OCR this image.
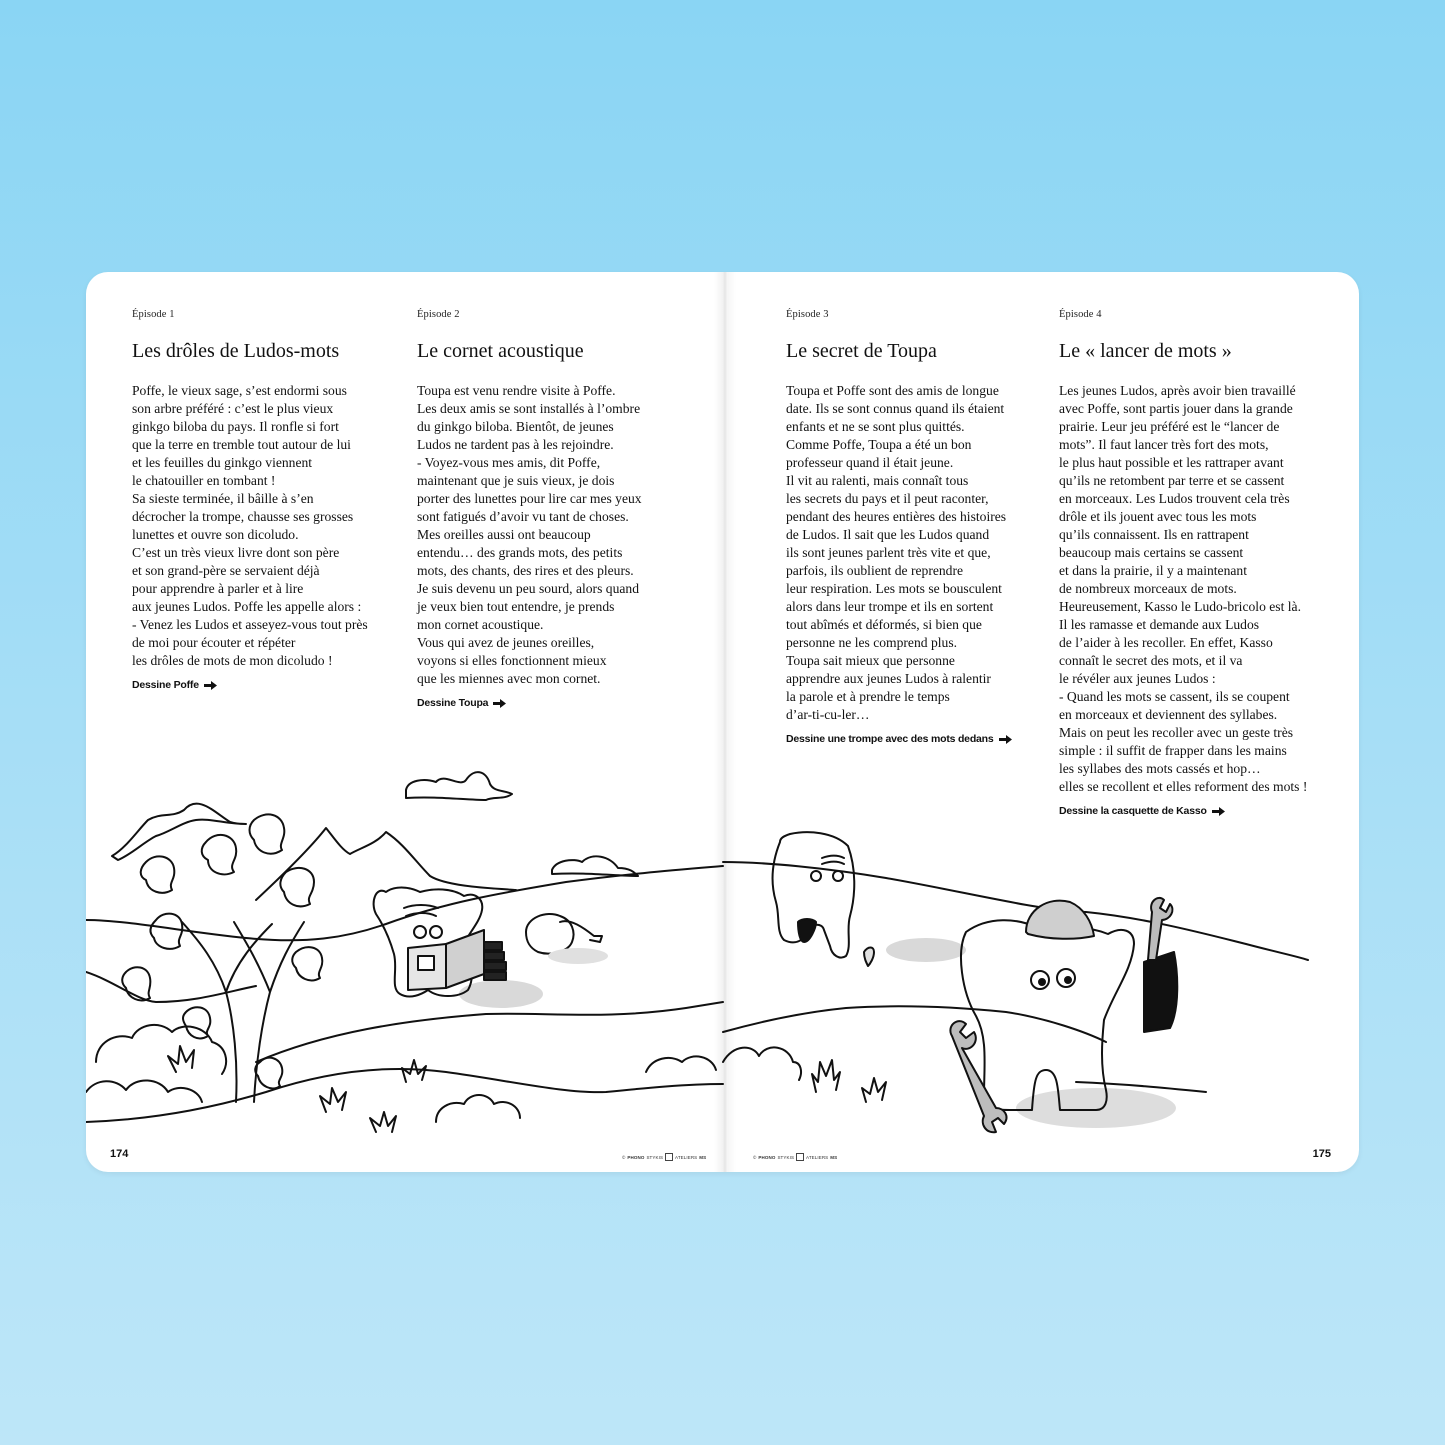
Épisode 1

Les drôles de Ludos-mots
Poffe, le vieux sage, s’est endormi sous
son arbre préféré : c’est le plus vieux
ginkgo biloba du pays. Il ronfle si fort
que la terre en tremble tout autour de lui
et les feuilles du ginkgo viennent
le chatouiller en tombant !
Sa sieste terminée, il bâille à s’en
décrocher la trompe, chausse ses grosses
lunettes et ouvre son dicoludo.
C’est un très vieux livre dont son père
et son grand-père se servaient déjà
pour apprendre à parler et à lire
aux jeunes Ludos. Poffe les appelle alors :
- Venez les Ludos et asseyez-vous tout près
de moi pour écouter et répéter
les drôles de mots de mon dicoludo !
Dessine Poffe

Épisode 2

Le cornet acoustique
Toupa est venu rendre visite à Poffe.
Les deux amis se sont installés à l’ombre
du ginkgo biloba. Bientôt, de jeunes
Ludos ne tardent pas à les rejoindre.
- Voyez-vous mes amis, dit Poffe,
maintenant que je suis vieux, je dois
porter des lunettes pour lire car mes yeux
sont fatigués d’avoir vu tant de choses.
Mes oreilles aussi ont beaucoup
entendu… des grands mots, des petits
mots, des chants, des rires et des pleurs.
Je suis devenu un peu sourd, alors quand
je veux bien tout entendre, je prends
mon cornet acoustique.
Vous qui avez de jeunes oreilles,
voyons si elles fonctionnent mieux
que les miennes avec mon cornet.
Dessine Toupa
174	© PHONO STYKIS	ATELIERS MS

Épisode 3

Le secret de Toupa
Toupa et Poffe sont des amis de longue
date. Ils se sont connus quand ils étaient
enfants et ne se sont plus quittés.
Comme Poffe, Toupa a été un bon
professeur quand il était jeune.
Il vit au ralenti, mais connaît tous
les secrets du pays et il peut raconter,
pendant des heures entières des histoires
de Ludos. Il sait que les Ludos quand
ils sont jeunes parlent très vite et que,
parfois, ils oublient de reprendre
leur respiration. Les mots se bousculent
alors dans leur trompe et ils en sortent
tout abîmés et déformés, si bien que
personne ne les comprend plus.
Toupa sait mieux que personne
apprendre aux jeunes Ludos à ralentir
la parole et à prendre le temps
d’ar-ti-cu-ler…
Dessine une trompe avec des mots dedans

Épisode 4

Le « lancer de mots »
Les jeunes Ludos, après avoir bien travaillé
avec Poffe, sont partis jouer dans la grande
prairie. Leur jeu préféré est le “lancer de
mots”. Il faut lancer très fort des mots,
le plus haut possible et les rattraper avant
qu’ils ne retombent par terre et se cassent
en morceaux. Les Ludos trouvent cela très
drôle et ils jouent avec tous les mots
qu’ils connaissent. Ils en rattrapent
beaucoup mais certains se cassent
et dans la prairie, il y a maintenant
de nombreux morceaux de mots.
Heureusement, Kasso le Ludo-bricolo est là.
Il les ramasse et demande aux Ludos
de l’aider à les recoller. En effet, Kasso
connaît le secret des mots, et il va
le révéler aux jeunes Ludos :
- Quand les mots se cassent, ils se coupent
en morceaux et deviennent des syllabes.
Mais on peut les recoller avec un geste très
simple : il suffit de frapper dans les mains
les syllabes des mots cassés et hop…
elles se recollent et elles reforment des mots !
Dessine la casquette de Kasso
© PHONO STYKIS	ATELIERS MS	175
